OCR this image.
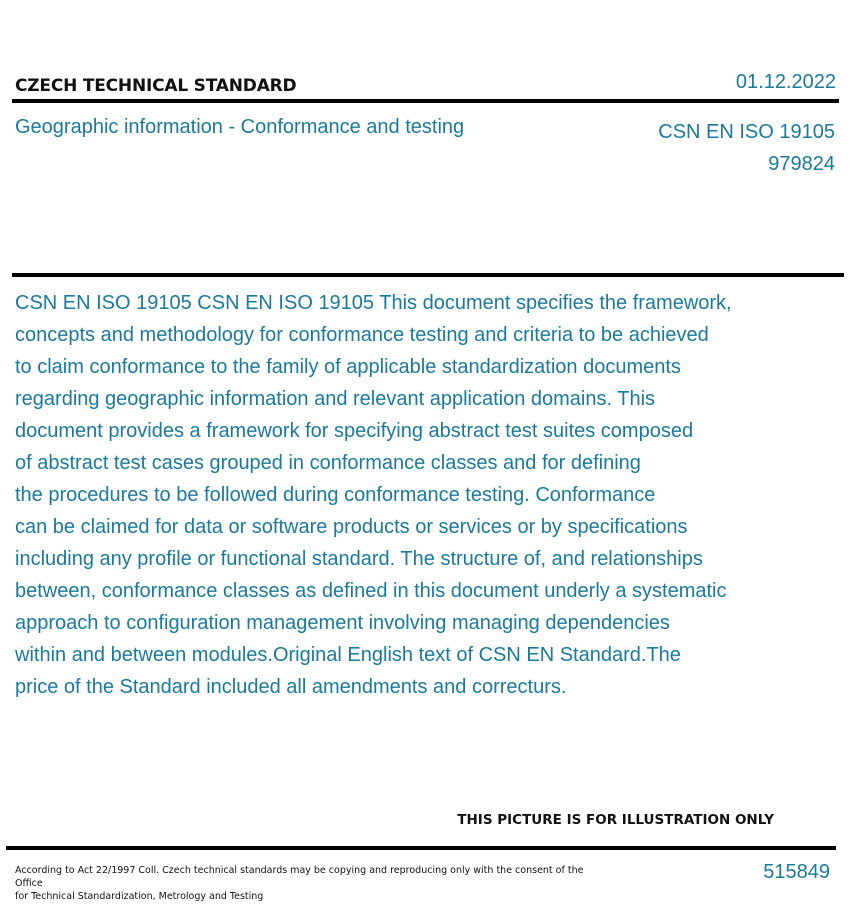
CZECH TECHNICAL STANDARD	01.12.2022
Geographic information - Conformance and testing	CSN EN ISO 19105
979824
CSN EN ISO 19105 CSN EN ISO 19105 This document specifies the framework,
concepts and methodology for conformance testing and criteria to be achieved
to claim conformance to the family of applicable standardization documents
regarding geographic information and relevant application domains. This
document provides a framework for specifying abstract test suites composed
of abstract test cases grouped in conformance classes and for defining
the procedures to be followed during conformance testing. Conformance
can be claimed for data or software products or services or by specifications
including any profile or functional standard. The structure of, and relationships
between, conformance classes as defined in this document underly a systematic
approach to configuration management involving managing dependencies
within and between modules.Original English text of CSN EN Standard.The
price of the Standard included all amendments and correcturs.
THIS PICTURE IS FOR ILLUSTRATION ONLY
According to Act 22/1997 Coll. Czech technical standards may be copying and reproducing only with the consent of the Office
for Technical Standardization, Metrology and Testing
515849
